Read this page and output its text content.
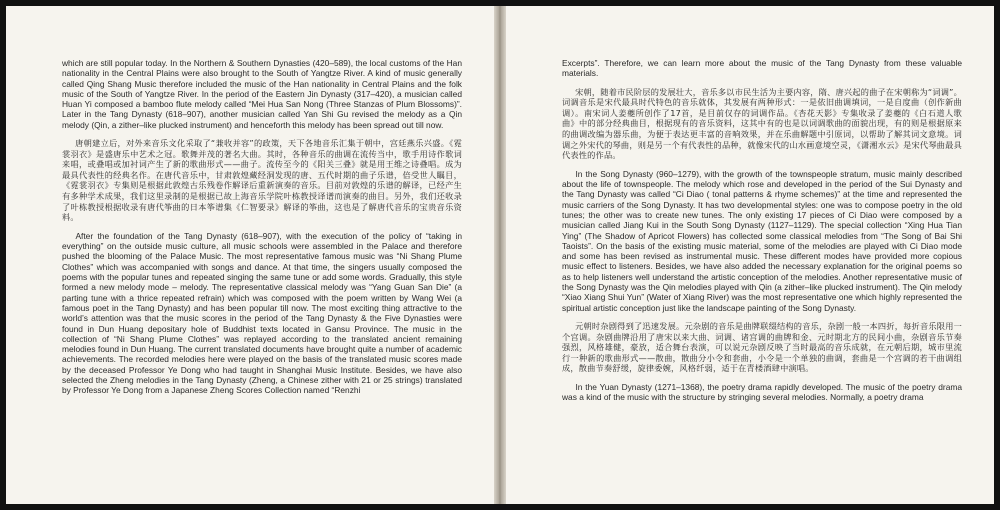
which are still popular today. In the Northern & Southern Dynasties (420–589), the local customs of the Han nationality in the Central Plains were also brought to the South of Yangtze River. A kind of music generally called Qing Shang Music therefore included the music of the Han nationality in Central Plains and the folk music of the South of Yangtze River. In the period of the Eastern Jin Dynasty (317–420), a musician called Huan Yi composed a bamboo flute melody called “Mei Hua San Nong (Three Stanzas of Plum Blossoms)”. Later in the Tang Dynasty (618–907), another musician called Yan Shi Gu revised the melody as a Qin melody (Qin, a zither–like plucked instrument) and henceforth this melody has been spread out till now.

唐朝建立后，对外来音乐文化采取了“兼收并容”的政策，天下各地音乐汇集于朝中，宫廷燕乐兴盛。《霓裳羽衣》是盛唐乐中艺术之冠。歌舞并茂的著名大曲。其时，各种音乐的曲调在流传当中，歌手用诗作歌词来唱，或叠唱或加衬词产生了新的歌曲形式——曲子。流传至今的《阳关三叠》就是用王维之诗叠唱。成为最具代表性的经典名作。在唐代音乐中，甘肃敦煌藏经洞发现的唐、五代时期的曲子乐谱，倍受世人瞩目，《霓裳羽衣》专集则是根据此敦煌古乐残卷作解译后重新演奏的音乐。目前对敦煌的乐谱的解译，已经产生有多种学术成果，我们这里录制的是根据已故上海音乐学院叶栋教授译谱而演奏的曲目。另外，我们还收录了叶栋教授根据收录有唐代筝曲的日本筝谱集《仁智要录》解译的筝曲，这也是了解唐代音乐的宝贵音乐资料。

After the foundation of the Tang Dynasty (618–907), with the execution of the policy of “taking in everything” on the outside music culture, all music schools were assembled in the Palace and therefore pushed the blooming of the Palace Music. The most representative famous music was “Ni Shang Plume Clothes” which was accompanied with songs and dance. At that time, the singers usually composed the poems with the popular tunes and repeated singing the same tune or add some words. Gradually, this style formed a new melody mode – melody. The representative classical melody was “Yang Guan San Die” (a parting tune with a thrice repeated refrain) which was composed with the poem written by Wang Wei (a famous poet in the Tang Dynasty) and has been popular till now. The most exciting thing attractive to the world’s attention was that the music scores in the period of the Tang Dynasty & the Five Dynasties were found in Dun Huang depositary hole of Buddhist texts located in Gansu Province. The music in the collection of “Ni Shang Plume Clothes” was replayed according to the translated ancient remaining melodies found in Dun Huang. The current translated documents have brought quite a number of academic achievements. The recorded melodies here were played on the basis of the translated music scores made by the deceased Professor Ye Dong who had taught in Shanghai Music Institute. Besides, we have also selected the Zheng melodies in the Tang Dynasty (Zheng, a Chinese zither with 21 or 25 strings) translated by Professor Ye Dong from a Japanese Zheng Scores Collection named “Renzhi

Excerpts”. Therefore, we can learn more about the music of the Tang Dynasty from these valuable materials.

宋朝，随着市民阶层的发展壮大，音乐多以市民生活为主要内容，隋、唐兴起的曲子在宋朝称为“词调”。词调音乐是宋代最具时代特色的音乐就体，其发展有两种形式：一是依旧曲调填词，一是自度曲（创作新曲调）。南宋词人姜夔所创作了17首，是目前仅存的词调作品。《杏花天影》专集收录了姜夔的《白石道人歌曲》中的部分经典曲目，根据现有的音乐资料，这其中有的也是以词调歌曲的面貌出现，有的则是根据原来的曲调改编为器乐曲，为便于表达更丰富的音响效果，并在乐曲解题中引原词，以帮助了解其词文意境。词调之外宋代的琴曲，则是另一个有代表性的品种，就像宋代的山水画意境空灵，《潇湘水云》是宋代琴曲最具代表性的作品。

In the Song Dynasty (960–1279), with the growth of the townspeople stratum, music mainly described about the life of townspeople. The melody which rose and developed in the period of the Sui Dynasty and the Tang Dynasty was called “Ci Diao ( tonal patterns & rhyme schemes)” at the time and represented the music carriers of the Song Dynasty. It has two developmental styles: one was to compose poetry in the old tunes; the other was to create new tunes. The only existing 17 pieces of Ci Diao were composed by a musician called Jiang Kui in the South Song Dynasty (1127–1129). The special collection “Xing Hua Tian Ying” (The Shadow of Apricot Flowers) has collected some classical melodies from “The Song of Bai Shi Taoists”. On the basis of the existing music material, some of the melodies are played with Ci Diao mode and some has been revised as instrumental music. These different modes have provided more copious music effect to listeners. Besides, we have also added the necessary explanation for the original poems so as to help listeners well understand the artistic conception of the melodies. Another representative music of the Song Dynasty was the Qin melodies played with Qin (a zither–like plucked instrument). The Qin melody “Xiao Xiang Shui Yun” (Water of Xiang River) was the most representative one which highly represented the spiritual artistic conception just like the landscape painting of the Song Dynasty.

元朝时杂剧得到了迅速发展。元杂剧的音乐是曲牌联缀结构的音乐，杂剧一般一本四折，每折音乐限用一个宫调。杂剧曲牌沿用了唐宋以来大曲、词调、诸宫调的曲牌和金、元时期北方的民间小曲，杂剧音乐节奏强烈，风格雄健，豪放，适合舞台表演，可以说元杂剧反映了当时最高的音乐成就，在元朝后期，城市里流行一种新的歌曲形式——散曲，散曲分小令和套曲，小令是一个单独的曲调，套曲是一个宫调的若干曲调组成，散曲节奏舒缓，旋律委婉，风格纤弱，适于在青楼酒肆中演唱。

In the Yuan Dynasty (1271–1368), the poetry drama rapidly developed. The music of the poetry drama was a kind of the music with the structure by stringing several melodies. Normally, a poetry drama
